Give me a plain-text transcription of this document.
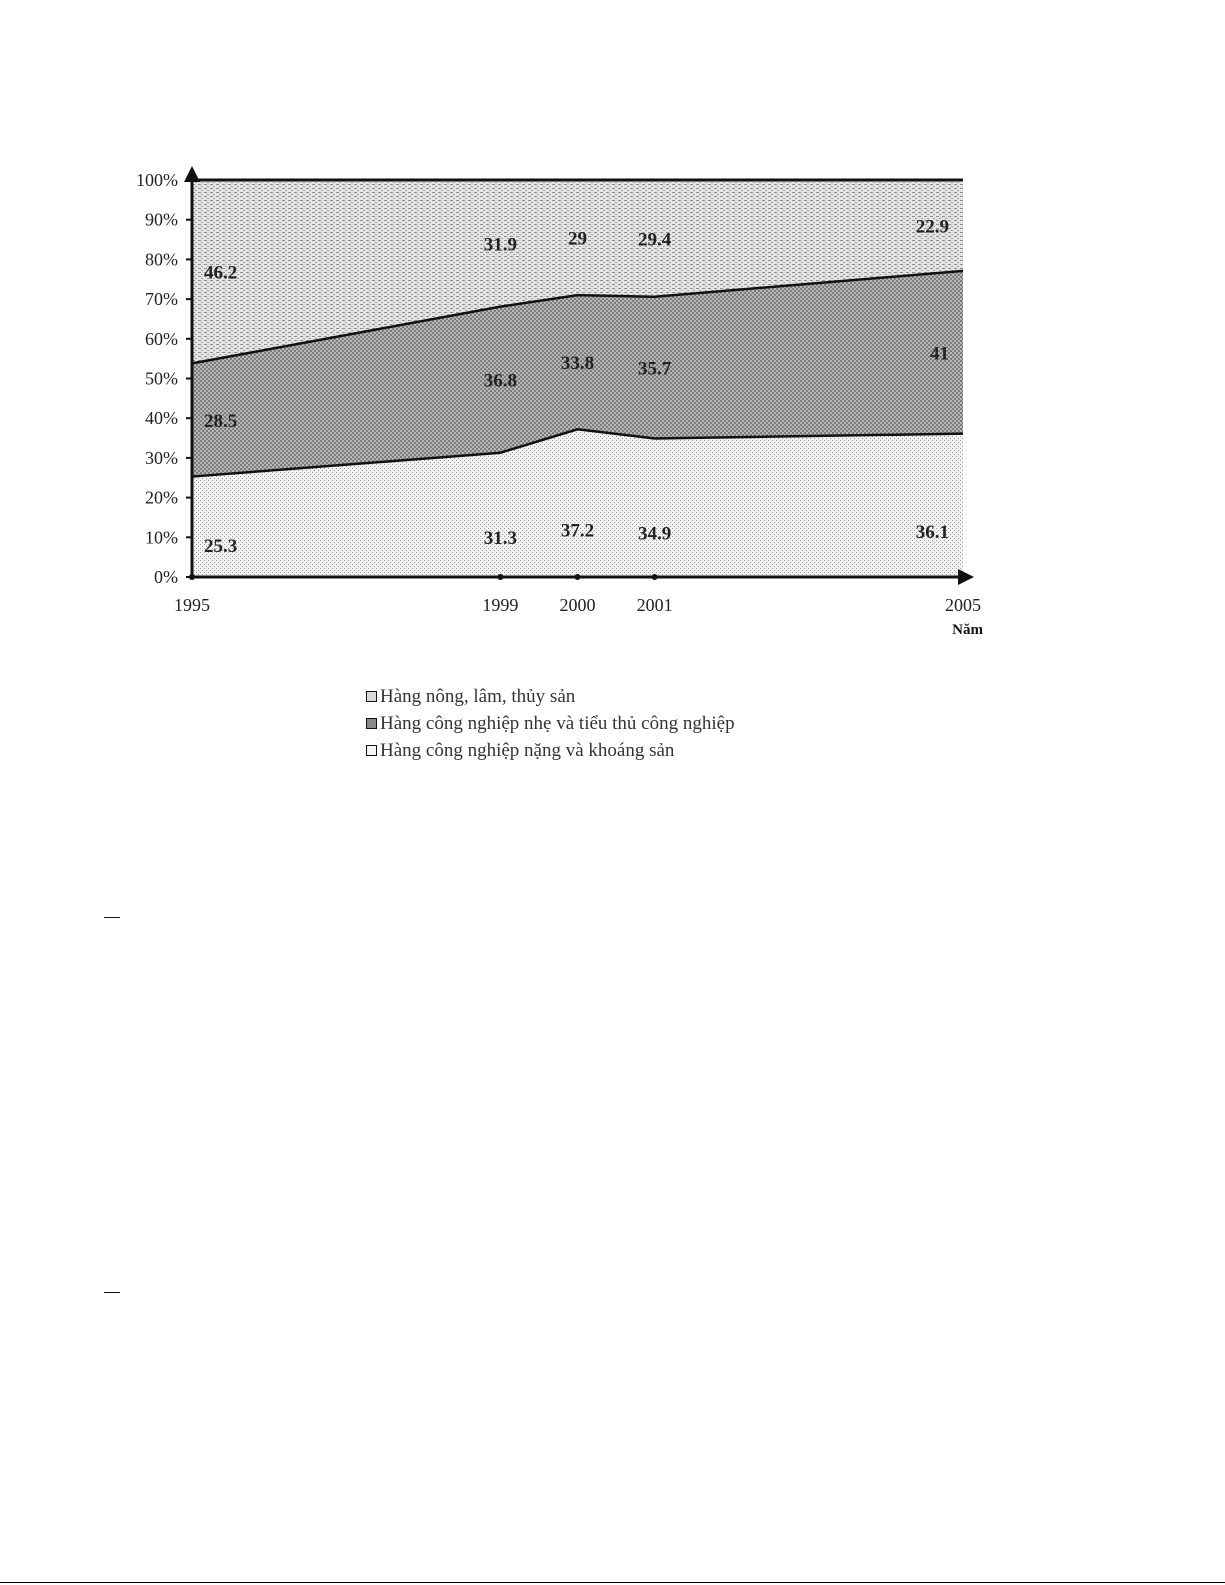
0%
10%
20%
30%
40%
50%
60%
70%
80%
90%
100%
1995	1999 2000 2001	2005
25.3	31.3 37.2 34.9	36.1
28.5
36.8
33.8 35.7
41
46.2
31.9	29	29.4
22.9
Năm
Hàng nông, lâm, thủy sản
Hàng công nghiệp nhẹ và tiểu thủ công nghiệp
Hàng công nghiệp nặng và khoáng sản
